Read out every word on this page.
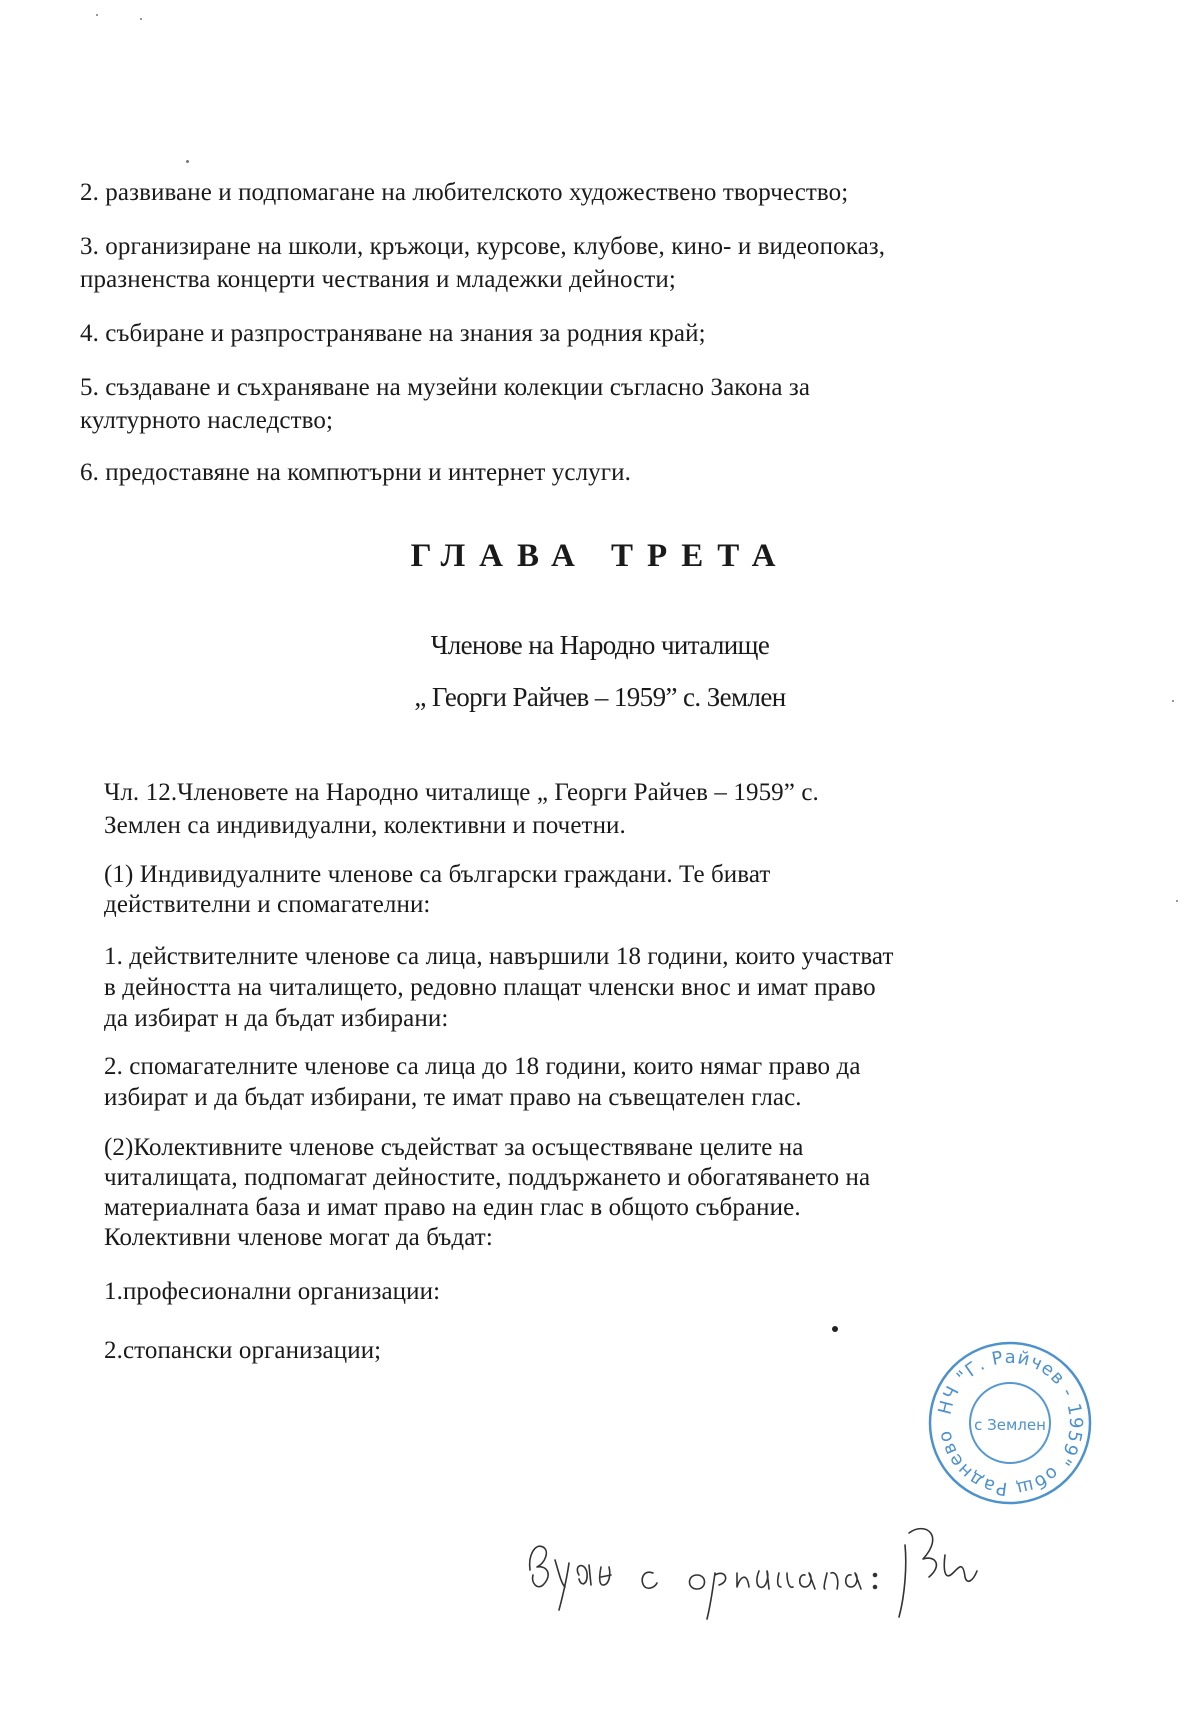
2. развиване и подпомагане на любителското художествено творчество;

3. организиране на школи, кръжоци, курсове, клубове, кино- и видеопоказ,

празненства концерти чествания и младежки дейности;

4. събиране и разпространяване на знания за родния край;

5. създаване и съхраняване на музейни колекции съгласно Закона за

културното наследство;

6. предоставяне на компютърни и интернет услуги.

ГЛАВА ТРЕТА
Членове на Народно читалище
„ Георги Райчев – 1959” с. Землен

Чл. 12.Членовете на Народно читалище „ Георги Райчев – 1959” с.

Землен са индивидуални, колективни и почетни.

(1) Индивидуалните членове са български граждани. Те биват

действителни и спомагателни:

1. действителните членове са лица, навършили 18 години, които участват

в дейността на читалището, редовно плащат членски внос и имат право

да избират н да бъдат избирани:

2. спомагателните членове са лица до 18 години, които нямаг право да

избират и да бъдат избирани, те имат право на съвещателен глас.

(2)Колективните членове съдействат за осъществяване целите на

читалищата, подпомагат дейностите, поддържането и обогатяването на

материалната база и имат право на един глас в общото събрание.

Колективни членове могат да бъдат:

1.професионални организации:

2.стопански организации;

НЧ "Г. Райчев - 1959" общ Раднево
с Землен
